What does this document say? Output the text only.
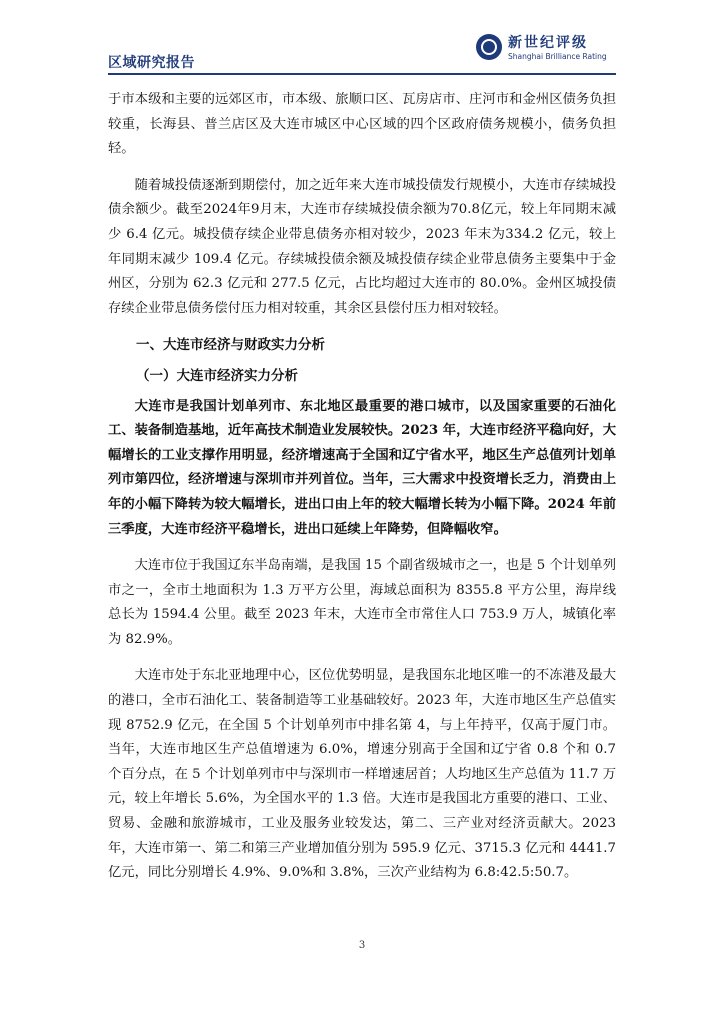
区域研究报告
新世纪评级
Shanghai Brilliance Rating

于市本级和主要的远郊区市，市本级、旅顺口区、瓦房店市、庄河市和金州区债务负担较重，长海县、普兰店区及大连市城区中心区域的四个区政府债务规模小，债务负担轻。

随着城投债逐渐到期偿付，加之近年来大连市城投债发行规模小，大连市存续城投债余额少。截至2024年9月末，大连市存续城投债余额为70.8亿元，较上年同期末减少 6.4 亿元。城投债存续企业带息债务亦相对较少，2023 年末为334.2 亿元，较上年同期末减少 109.4 亿元。存续城投债余额及城投债存续企业带息债务主要集中于金州区，分别为 62.3 亿元和 277.5 亿元，占比均超过大连市的 80.0%。金州区城投债存续企业带息债务偿付压力相对较重，其余区县偿付压力相对较轻。

一、大连市经济与财政实力分析
（一）大连市经济实力分析

大连市是我国计划单列市、东北地区最重要的港口城市，以及国家重要的石油化工、装备制造基地，近年高技术制造业发展较快。2023 年，大连市经济平稳向好，大幅增长的工业支撑作用明显，经济增速高于全国和辽宁省水平，地区生产总值列计划单列市第四位，经济增速与深圳市并列首位。当年，三大需求中投资增长乏力，消费由上年的小幅下降转为较大幅增长，进出口由上年的较大幅增长转为小幅下降。2024 年前三季度，大连市经济平稳增长，进出口延续上年降势，但降幅收窄。

大连市位于我国辽东半岛南端，是我国 15 个副省级城市之一，也是 5 个计划单列市之一，全市土地面积为 1.3 万平方公里，海域总面积为 8355.8 平方公里，海岸线总长为 1594.4 公里。截至 2023 年末，大连市全市常住人口 753.9 万人，城镇化率为 82.9%。

大连市处于东北亚地理中心，区位优势明显，是我国东北地区唯一的不冻港及最大的港口，全市石油化工、装备制造等工业基础较好。2023 年，大连市地区生产总值实现 8752.9 亿元，在全国 5 个计划单列市中排名第 4，与上年持平，仅高于厦门市。当年，大连市地区生产总值增速为 6.0%，增速分别高于全国和辽宁省 0.8 个和 0.7 个百分点，在 5 个计划单列市中与深圳市一样增速居首；人均地区生产总值为 11.7 万元，较上年增长 5.6%，为全国水平的 1.3 倍。大连市是我国北方重要的港口、工业、贸易、金融和旅游城市，工业及服务业较发达，第二、三产业对经济贡献大。2023 年，大连市第一、第二和第三产业增加值分别为 595.9 亿元、3715.3 亿元和 4441.7 亿元，同比分别增长 4.9%、9.0%和 3.8%，三次产业结构为 6.8:42.5:50.7。

3
